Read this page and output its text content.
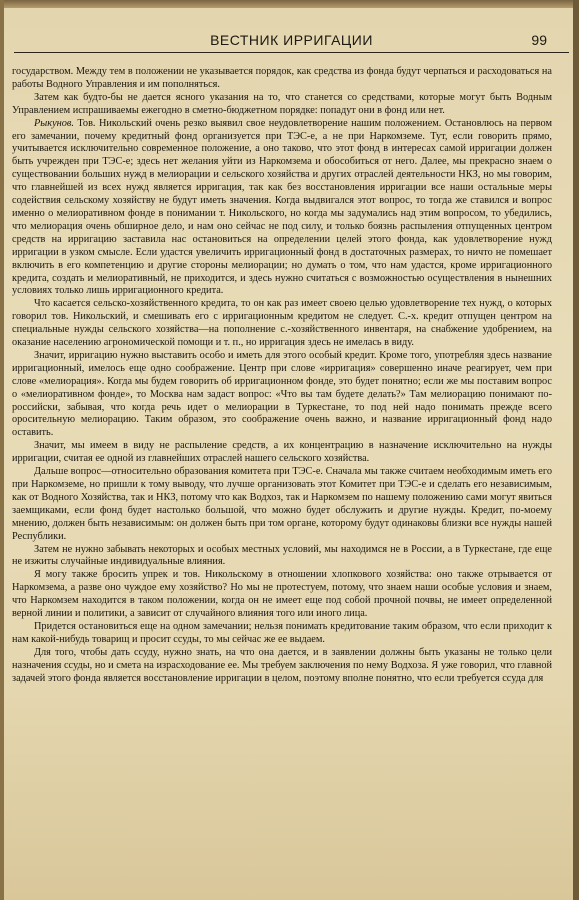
ВЕСТНИК ИРРИГАЦИИ	99

государством. Между тем в положении не указывается порядок, как средства из фонда будут черпаться и расходоваться на работы Водного Управления и им пополняться.

Затем как будто-бы не дается ясного указания на то, что станется со средствами, которые могут быть Водным Управлением испрашиваемы ежегодно в сметно-бюджетном порядке: попадут они в фонд или нет.

Рыкунов. Тов. Никольский очень резко выявил свое неудовлетворение нашим положением. Остановлюсь на первом его замечании, почему кредитный фонд организуется при ТЭС-е, а не при Наркомземе. Тут, если говорить прямо, учитывается исключительно современное положение, а оно таково, что этот фонд в интересах самой ирригации должен быть учрежден при ТЭС-е; здесь нет желания уйти из Наркомзема и обособиться от него. Далее, мы прекрасно знаем о существовании больших нужд в мелиорации и сельского хозяйства и других отраслей деятельности НКЗ, но мы говорим, что главнейшей из всех нужд является ирригация, так как без восстановления ирригации все наши остальные меры содействия сельскому хозяйству не будут иметь значения. Когда выдвигался этот вопрос, то тогда же ставился и вопрос именно о мелиоративном фонде в понимании т. Никольского, но когда мы задумались над этим вопросом, то убедились, что мелиорация очень обширное дело, и нам оно сейчас не под силу, и только боязнь распыления отпущенных центром средств на ирригацию заставила нас остановиться на определении целей этого фонда, как удовлетворение нужд ирригации в узком смысле. Если удастся увеличить ирригационный фонд в достаточных размерах, то ничто не помешает включить в его компетенцию и другие стороны мелиорации; но думать о том, что нам удастся, кроме ирригационного кредита, создать и мелиоративный, не приходится, и здесь нужно считаться с возможностью осуществления в нынешних условиях только лишь ирригационного кредита.

Что касается сельско-хозяйственного кредита, то он как раз имеет своею целью удовлетворение тех нужд, о которых говорил тов. Никольский, и смешивать его с ирригационным кредитом не следует. С.-х. кредит отпущен центром на специальные нужды сельского хозяйства—на пополнение с.-хозяйственного инвентаря, на снабжение удобрением, на оказание населению агрономической помощи и т. п., но ирригация здесь не имелась в виду.

Значит, ирригацию нужно выставить особо и иметь для этого особый кредит. Кроме того, употребляя здесь название ирригационный, имелось еще одно соображение. Центр при слове «ирригация» совершенно иначе реагирует, чем при слове «мелиорация». Когда мы будем говорить об ирригационном фонде, это будет понятно; если же мы поставим вопрос о «мелиоративном фонде», то Москва нам задаст вопрос: «Что вы там будете делать?» Там мелиорацию понимают по-российски, забывая, что когда речь идет о мелиорации в Туркестане, то под ней надо понимать прежде всего оросительную мелиорацию. Таким образом, это соображение очень важно, и название ирригационный фонд надо оставить.

Значит, мы имеем в виду не распыление средств, а их концентрацию в назначение исключительно на нужды ирригации, считая ее одной из главнейших отраслей нашего сельского хозяйства.

Дальше вопрос—относительно образования комитета при ТЭС-е. Сначала мы также считаем необходимым иметь его при Наркомземе, но пришли к тому выводу, что лучше организовать этот Комитет при ТЭС-е и сделать его независимым, как от Водного Хозяйства, так и НКЗ, потому что как Водхоз, так и Наркомзем по нашему положению сами могут явиться заемщиками, если фонд будет настолько большой, что можно будет обслужить и другие нужды. Кредит, по-моему мнению, должен быть независимым: он должен быть при том органе, которому будут одинаковы близки все нужды нашей Республики.

Затем не нужно забывать некоторых и особых местных условий, мы находимся не в России, а в Туркестане, где еще не изжиты случайные индивидуальные влияния.

Я могу также бросить упрек и тов. Никольскому в отношении хлопкового хозяйства: оно также отрывается от Наркомзема, а разве оно чуждое ему хозяйство? Но мы не протестуем, потому, что знаем наши особые условия и знаем, что Наркомзем находится в таком положении, когда он не имеет еще под собой прочной почвы, не имеет определенной верной линии и политики, а зависит от случайного влияния того или иного лица.

Придется остановиться еще на одном замечании; нельзя понимать кредитование таким образом, что если приходит к нам какой-нибудь товарищ и просит ссуды, то мы сейчас же ее выдаем.

Для того, чтобы дать ссуду, нужно знать, на что она дается, и в заявлении должны быть указаны не только цели назначения ссуды, но и смета на израсходование ее. Мы требуем заключения по нему Водхоза. Я уже говорил, что главной задачей этого фонда является восстановление ирригации в целом, поэтому вполне понятно, что если требуется ссуда для
